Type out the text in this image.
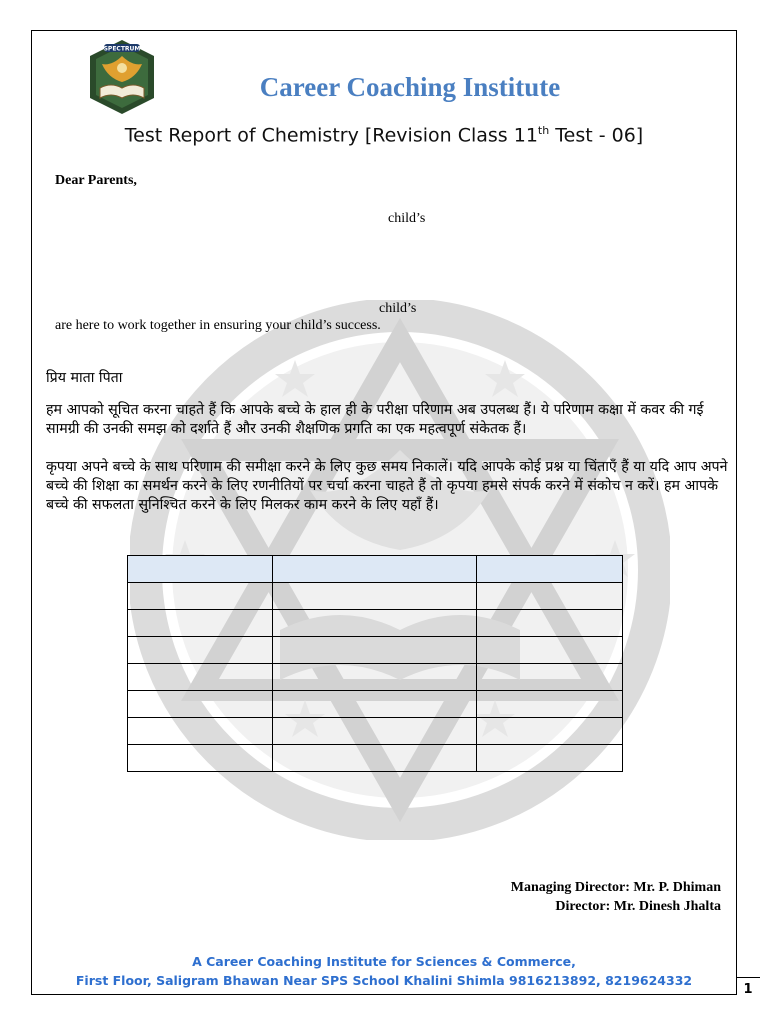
SPECTRUM
Career Coaching Institute
Test Report of Chemistry [Revision Class 11th Test - 06]
Dear Parents,
child’s
child’s
are here to work together in ensuring your child’s success.
प्रिय माता पिता
हम आपको सूचित करना चाहते हैं कि आपके बच्चे के हाल ही के परीक्षा परिणाम अब उपलब्ध हैं। ये परिणाम कक्षा में कवर की गई सामग्री की उनकी समझ को दर्शाते हैं और उनकी शैक्षणिक प्रगति का एक महत्वपूर्ण संकेतक हैं।
कृपया अपने बच्चे के साथ परिणाम की समीक्षा करने के लिए कुछ समय निकालें। यदि आपके कोई प्रश्न या चिंताएँ हैं या यदि आप अपने बच्चे की शिक्षा का समर्थन करने के लिए रणनीतियों पर चर्चा करना चाहते हैं तो कृपया हमसे संपर्क करने में संकोच न करें। हम आपके बच्चे की सफलता सुनिश्चित करने के लिए मिलकर काम करने के लिए यहाँ हैं।

Managing Director: Mr. P. Dhiman
Director: Mr. Dinesh Jhalta
A Career Coaching Institute for Sciences & Commerce,
First Floor, Saligram Bhawan Near SPS School Khalini Shimla 9816213892, 8219624332
1
